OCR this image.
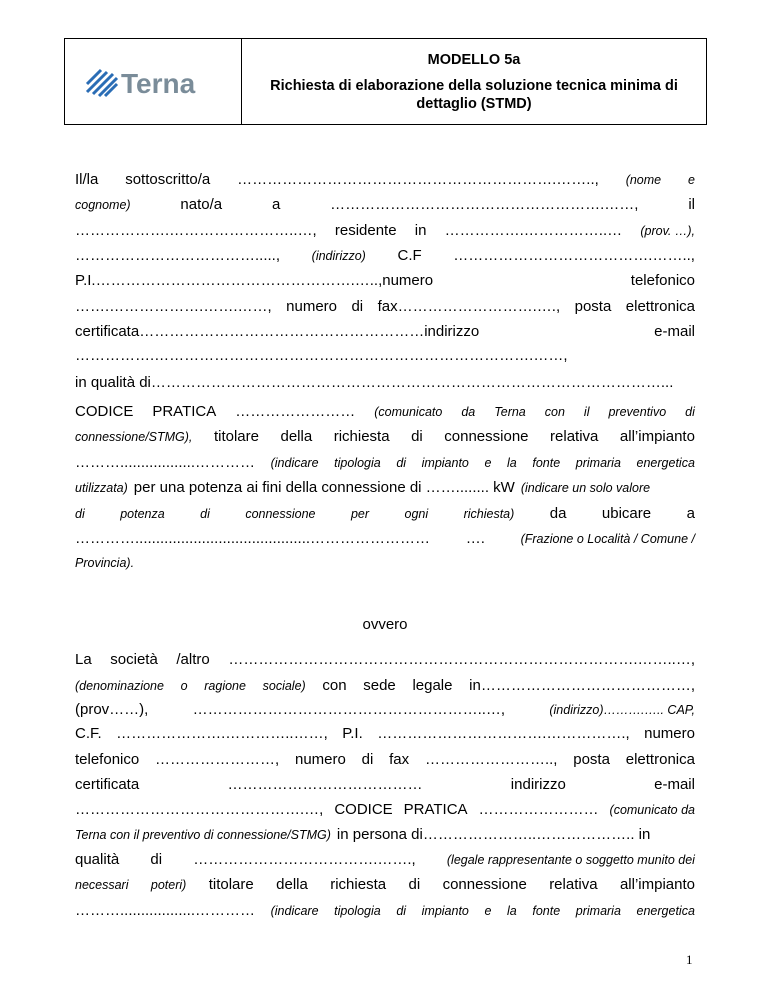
Terna
MODELLO 5a
Richiesta di elaborazione della soluzione tecnica minima di dettaglio (STMD)
Il/la sottoscritto/a ……………………………………………………….…….., (nome e
cognome)	nato/a	a	……………………………………………….……,	il
……………….……………………..…, residente in …………….……………..… (prov. …),
……………………………….....,	(indirizzo) C.F ………………………………….……..,
P.I.…………………………………………….…..,numero	telefonico
…….……………….…….……, numero di fax……………………….…., posta elettronica
certificata…………………………………………………indirizzo	e-mail
…………….………………………………………………………………….……,
in qualità di…………………………………………………………………………………………...
CODICE PRATICA …………………… (comunicato da Terna con il preventivo di
connessione/STMG), titolare della richiesta di connessione relativa all’impianto
………..................………… (indicare tipologia di impianto e la fonte primaria energetica
utilizzata) per una potenza ai fini della connessione di ……........ kW (indicare un solo valore
di	potenza	di	connessione	per	ogni	richiesta) da ubicare a
…………..........................................…………………… ….	(Frazione o Località / Comune /
Provincia).
La società /altro ……………………………………………………………………….……..…,
(denominazione o ragione sociale) con sede legale in……………………………………,
(prov……),	…………………………………………………..…,	(indirizzo)……….….. CAP,
C.F. ………………….…………..……, P.I. …………………………….……………., numero
telefonico ……………………, numero di fax …………………….., posta elettronica
certificata	…………………………………	indirizzo	e-mail
……………………………………….…, CODICE PRATICA …………………… (comunicato da
Terna con il preventivo di connessione/STMG) in persona di…………………..……………….. in
qualità di ……………………………….……., (legale rappresentante o soggetto munito dei
necessari poteri) titolare della richiesta di connessione relativa all’impianto
………..................………… (indicare tipologia di impianto e la fonte primaria energetica
ovvero
1
